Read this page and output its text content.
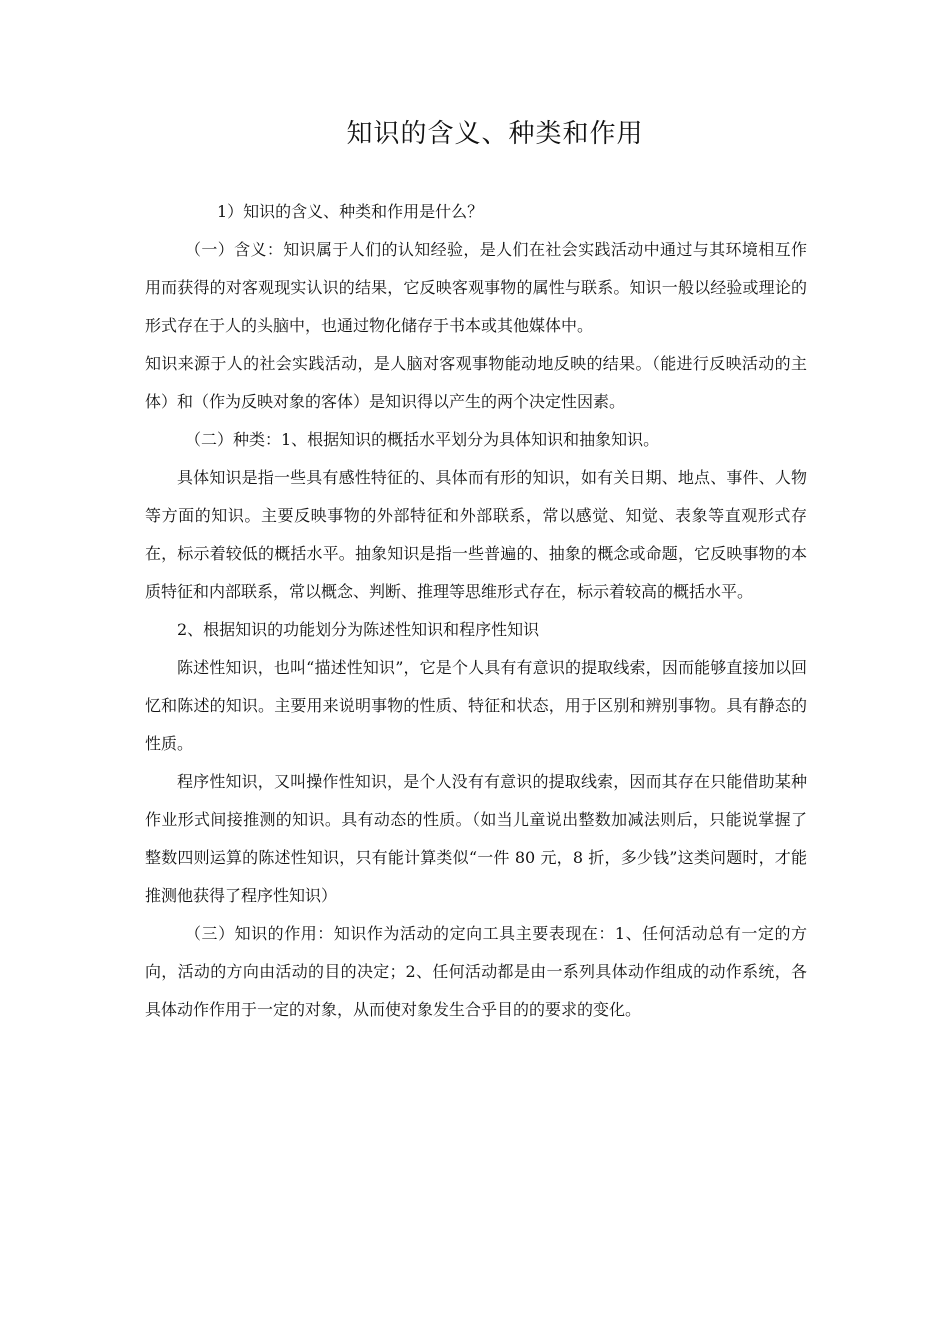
知识的含义、种类和作用

1）知识的含义、种类和作用是什么？

（一）含义：知识属于人们的认知经验，是人们在社会实践活动中通过与其环境相互作用而获得的对客观现实认识的结果，它反映客观事物的属性与联系。知识一般以经验或理论的形式存在于人的头脑中，也通过物化储存于书本或其他媒体中。

知识来源于人的社会实践活动，是人脑对客观事物能动地反映的结果。（能进行反映活动的主体）和（作为反映对象的客体）是知识得以产生的两个决定性因素。

（二）种类：1、根据知识的概括水平划分为具体知识和抽象知识。

具体知识是指一些具有感性特征的、具体而有形的知识，如有关日期、地点、事件、人物等方面的知识。主要反映事物的外部特征和外部联系，常以感觉、知觉、表象等直观形式存在，标示着较低的概括水平。抽象知识是指一些普遍的、抽象的概念或命题，它反映事物的本质特征和内部联系，常以概念、判断、推理等思维形式存在，标示着较高的概括水平。

2、根据知识的功能划分为陈述性知识和程序性知识

陈述性知识，也叫“描述性知识”，它是个人具有有意识的提取线索，因而能够直接加以回忆和陈述的知识。主要用来说明事物的性质、特征和状态，用于区别和辨别事物。具有静态的性质。

程序性知识，又叫操作性知识，是个人没有有意识的提取线索，因而其存在只能借助某种作业形式间接推测的知识。具有动态的性质。（如当儿童说出整数加减法则后，只能说掌握了整数四则运算的陈述性知识，只有能计算类似“一件 80 元，8 折，多少钱”这类问题时，才能推测他获得了程序性知识）

（三）知识的作用：知识作为活动的定向工具主要表现在：1、任何活动总有一定的方向，活动的方向由活动的目的决定；2、任何活动都是由一系列具体动作组成的动作系统，各具体动作作用于一定的对象，从而使对象发生合乎目的的要求的变化。
